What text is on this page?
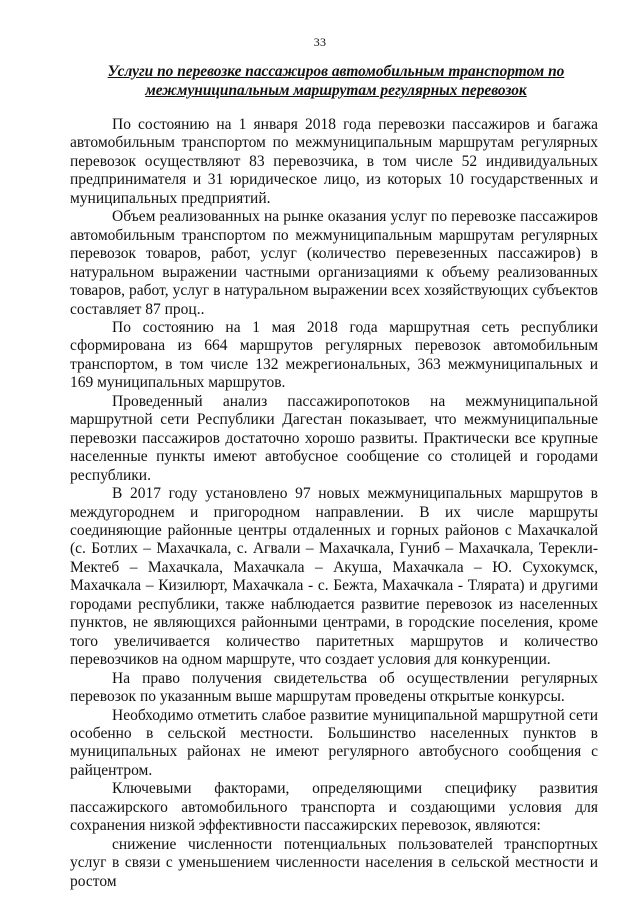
33
Услуги по перевозке пассажиров автомобильным транспортом по
межмуниципальным маршрутам регулярных перевозок

По состоянию на 1 января 2018 года перевозки пассажиров и багажа автомобильным транспортом по межмуниципальным маршрутам регулярных перевозок осуществляют 83 перевозчика, в том числе 52 индивидуальных предпринимателя и 31 юридическое лицо, из которых 10 государственных и муниципальных предприятий.

Объем реализованных на рынке оказания услуг по перевозке пассажиров автомобильным транспортом по межмуниципальным маршрутам регулярных перевозок товаров, работ, услуг (количество перевезенных пассажиров) в натуральном выражении частными организациями к объему реализованных товаров, работ, услуг в натуральном выражении всех хозяйствующих субъектов составляет 87 проц..

По состоянию на 1 мая 2018 года маршрутная сеть республики сформирована из 664 маршрутов регулярных перевозок автомобильным транспортом, в том числе 132 межрегиональных, 363 межмуниципальных и 169 муниципальных маршрутов.

Проведенный анализ пассажиропотоков на межмуниципальной маршрутной сети Республики Дагестан показывает, что межмуниципальные перевозки пассажиров достаточно хорошо развиты. Практически все крупные населенные пункты имеют автобусное сообщение со столицей и городами республики.

В 2017 году установлено 97 новых межмуниципальных маршрутов в междугороднем и пригородном направлении. В их числе маршруты соединяющие районные центры отдаленных и горных районов с Махачкалой (с. Ботлих – Махачкала, с. Агвали – Махачкала, Гуниб – Махачкала, Терекли-Мектеб – Махачкала, Махачкала – Акуша, Махачкала – Ю. Сухокумск, Махачкала – Кизилюрт, Махачкала - с. Бежта, Махачкала - Тлярата) и другими городами республики, также наблюдается развитие перевозок из населенных пунктов, не являющихся районными центрами, в городские поселения, кроме того увеличивается количество паритетных маршрутов и количество перевозчиков на одном маршруте, что создает условия для конкуренции.

На право получения свидетельства об осуществлении регулярных перевозок по указанным выше маршрутам проведены открытые конкурсы.

Необходимо отметить слабое развитие муниципальной маршрутной сети особенно в сельской местности. Большинство населенных пунктов в муниципальных районах не имеют регулярного автобусного сообщения с райцентром.

Ключевыми факторами, определяющими специфику развития пассажирского автомобильного транспорта и создающими условия для сохранения низкой эффективности пассажирских перевозок, являются:

снижение численности потенциальных пользователей транспортных услуг в связи с уменьшением численности населения в сельской местности и ростом
